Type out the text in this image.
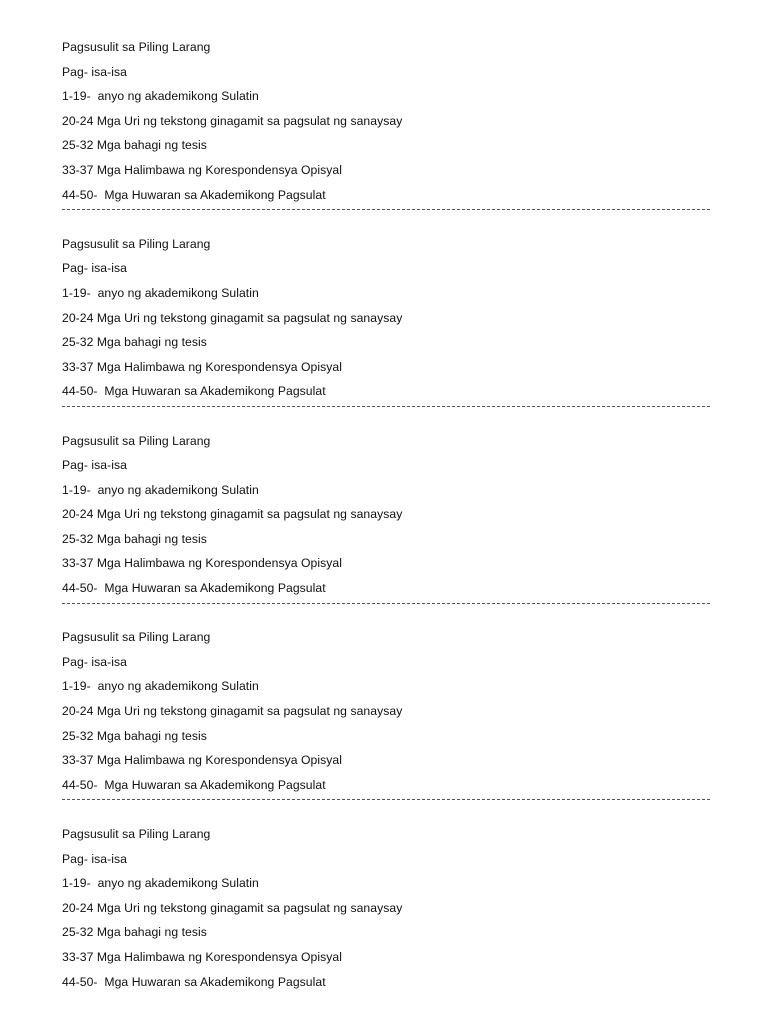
Pagsusulit sa Piling Larang
Pag- isa-isa
1-19-  anyo ng akademikong Sulatin
20-24 Mga Uri ng tekstong ginagamit sa pagsulat ng sanaysay
25-32 Mga bahagi ng tesis
33-37 Mga Halimbawa ng Korespondensya Opisyal
44-50-  Mga Huwaran sa Akademikong Pagsulat
Pagsusulit sa Piling Larang
Pag- isa-isa
1-19-  anyo ng akademikong Sulatin
20-24 Mga Uri ng tekstong ginagamit sa pagsulat ng sanaysay
25-32 Mga bahagi ng tesis
33-37 Mga Halimbawa ng Korespondensya Opisyal
44-50-  Mga Huwaran sa Akademikong Pagsulat
Pagsusulit sa Piling Larang
Pag- isa-isa
1-19-  anyo ng akademikong Sulatin
20-24 Mga Uri ng tekstong ginagamit sa pagsulat ng sanaysay
25-32 Mga bahagi ng tesis
33-37 Mga Halimbawa ng Korespondensya Opisyal
44-50-  Mga Huwaran sa Akademikong Pagsulat
Pagsusulit sa Piling Larang
Pag- isa-isa
1-19-  anyo ng akademikong Sulatin
20-24 Mga Uri ng tekstong ginagamit sa pagsulat ng sanaysay
25-32 Mga bahagi ng tesis
33-37 Mga Halimbawa ng Korespondensya Opisyal
44-50-  Mga Huwaran sa Akademikong Pagsulat
Pagsusulit sa Piling Larang
Pag- isa-isa
1-19-  anyo ng akademikong Sulatin
20-24 Mga Uri ng tekstong ginagamit sa pagsulat ng sanaysay
25-32 Mga bahagi ng tesis
33-37 Mga Halimbawa ng Korespondensya Opisyal
44-50-  Mga Huwaran sa Akademikong Pagsulat
